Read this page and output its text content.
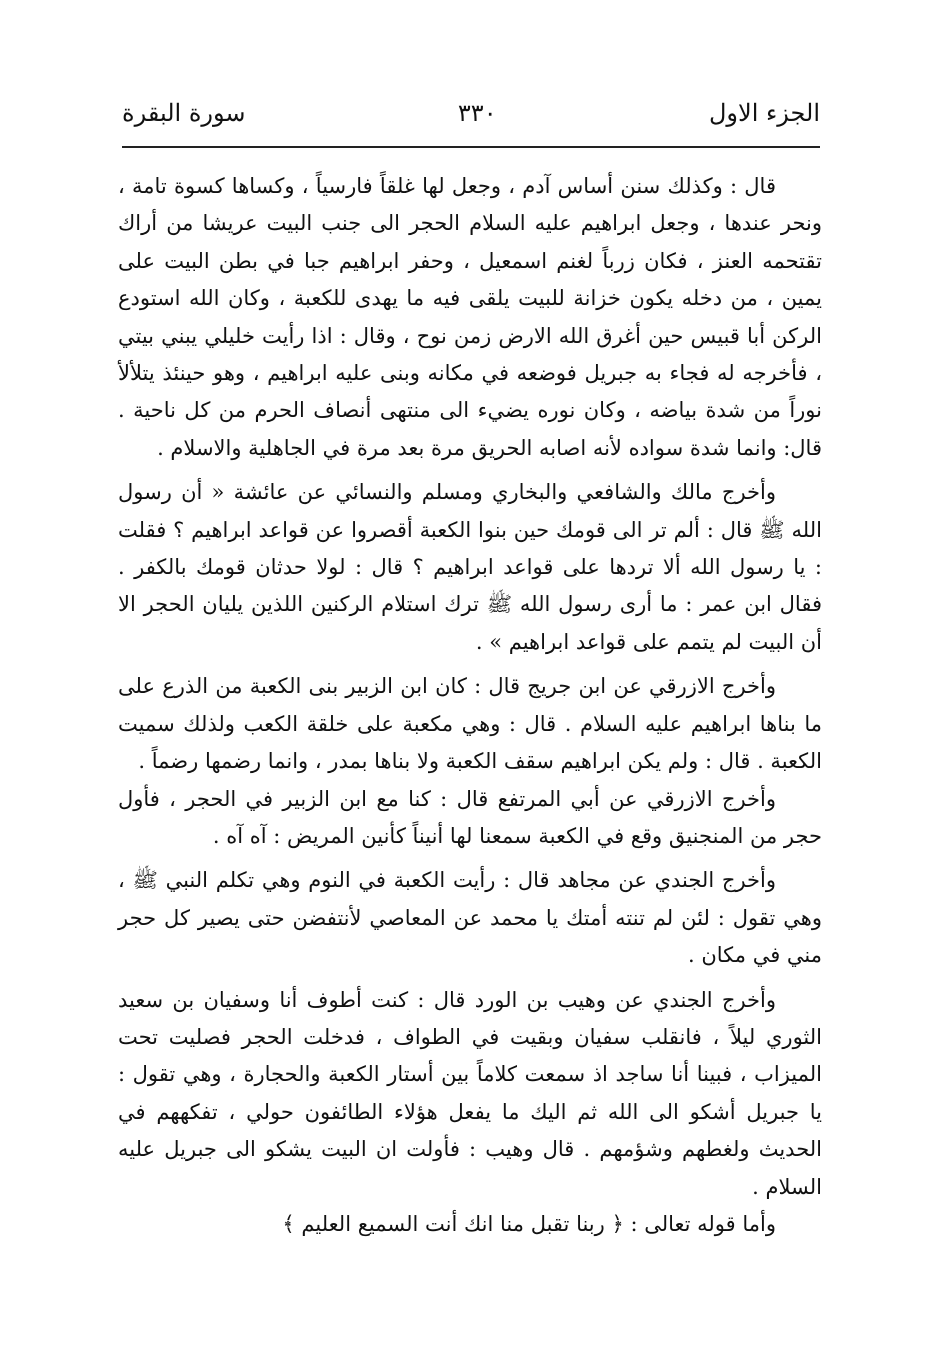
الجزء الاول
٣٣٠
سورة البقرة

قال : وكذلك سنن أساس آدم ، وجعل لها غلقاً فارسياً ، وكساها كسوة تامة ، ونحر عندها ، وجعل ابراهيم عليه السلام الحجر الى جنب البيت عريشا من أراك تقتحمه العنز ، فكان زرباً لغنم اسمعيل ، وحفر ابراهيم جبا في بطن البيت على يمين ، من دخله يكون خزانة للبيت يلقى فيه ما يهدى للكعبة ، وكان الله استودع الركن أبا قبيس حين أغرق الله الارض زمن نوح ، وقال : اذا رأيت خليلي يبني بيتي ، فأخرجه له فجاء به جبريل فوضعه في مكانه وبنى عليه ابراهيم ، وهو حينئذ يتلألأ نوراً من شدة بياضه ، وكان نوره يضيء الى منتهى أنصاف الحرم من كل ناحية . قال: وانما شدة سواده لأنه اصابه الحريق مرة بعد مرة في الجاهلية والاسلام .

وأخرج مالك والشافعي والبخاري ومسلم والنسائي عن عائشة « أن رسول الله ﷺ قال : ألم تر الى قومك حين بنوا الكعبة أقصروا عن قواعد ابراهيم ؟ فقلت : يا رسول الله ألا تردها على قواعد ابراهيم ؟ قال : لولا حدثان قومك بالكفر . فقال ابن عمر : ما أرى رسول الله ﷺ ترك استلام الركنين اللذين يليان الحجر الا أن البيت لم يتمم على قواعد ابراهيم » .

وأخرج الازرقي عن ابن جريج قال : كان ابن الزبير بنى الكعبة من الذرع على ما بناها ابراهيم عليه السلام . قال : وهي مكعبة على خلقة الكعب ولذلك سميت الكعبة . قال : ولم يكن ابراهيم سقف الكعبة ولا بناها بمدر ، وانما رضمها رضماً .

وأخرج الازرقي عن أبي المرتفع قال : كنا مع ابن الزبير في الحجر ، فأول حجر من المنجنيق وقع في الكعبة سمعنا لها أنيناً كأنين المريض : آه آه .

وأخرج الجندي عن مجاهد قال : رأيت الكعبة في النوم وهي تكلم النبي ﷺ ، وهي تقول : لئن لم تنته أمتك يا محمد عن المعاصي لأنتفضن حتى يصير كل حجر مني في مكان .

وأخرج الجندي عن وهيب بن الورد قال : كنت أطوف أنا وسفيان بن سعيد الثوري ليلاً ، فانقلب سفيان وبقيت في الطواف ، فدخلت الحجر فصليت تحت الميزاب ، فبينا أنا ساجد اذ سمعت كلاماً بين أستار الكعبة والحجارة ، وهي تقول : يا جبريل أشكو الى الله ثم اليك ما يفعل هؤلاء الطائفون حولي ، تفكههم في الحديث ولغطهم وشؤمهم . قال وهيب : فأولت ان البيت يشكو الى جبريل عليه السلام .

وأما قوله تعالى : ﴿ ربنا تقبل منا انك أنت السميع العليم ﴾
